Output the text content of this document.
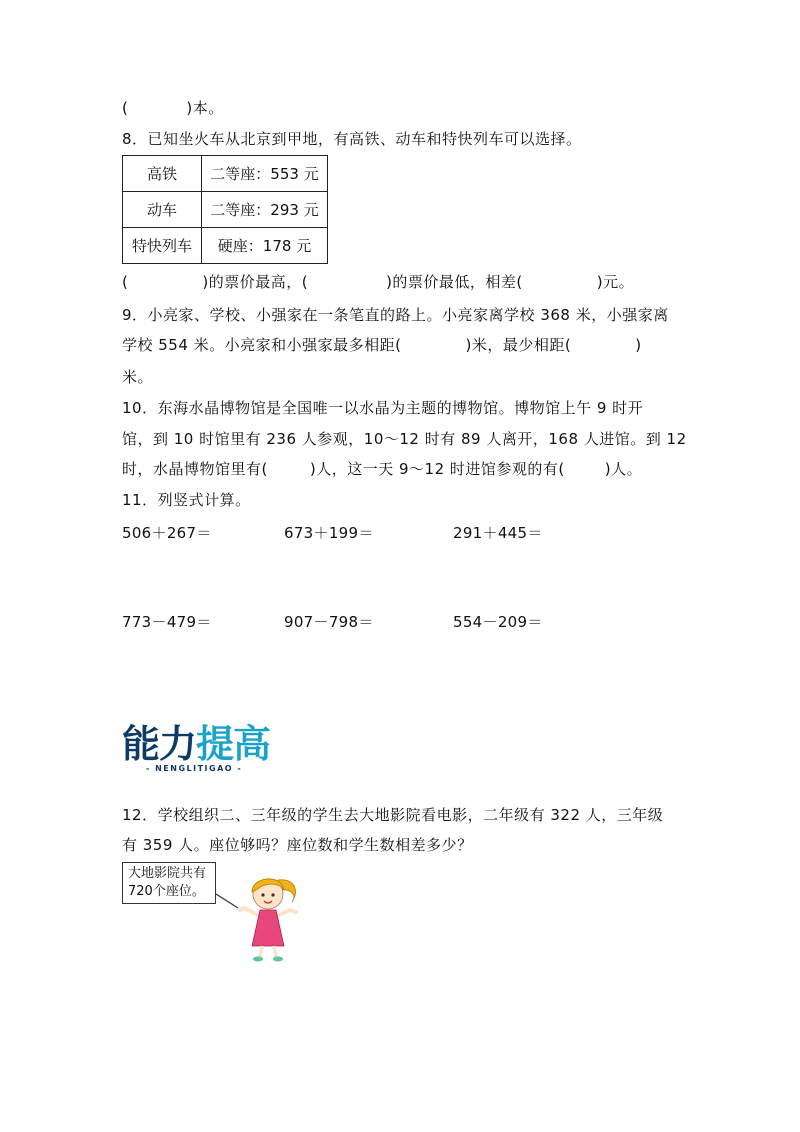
(	)本。
8．已知坐火车从北京到甲地，有高铁、动车和特快列车可以选择。
高铁	二等座：553 元
动车	二等座：293 元
特快列车	硬座：178 元
(	)的票价最高，(	)的票价最低，相差(	)元。
9．小亮家、学校、小强家在一条笔直的路上。小亮家离学校 368 米，小强家离
学校 554 米。小亮家和小强家最多相距(	)米，最少相距(	)
米。
10．东海水晶博物馆是全国唯一以水晶为主题的博物馆。博物馆上午 9 时开
馆，到 10 时馆里有 236 人参观，10～12 时有 89 人离开，168 人进馆。到 12
时，水晶博物馆里有(	)人，这一天 9～12 时进馆参观的有(	)人。
11．列竖式计算。
506＋267＝	673＋199＝	291＋445＝
773－479＝	907－798＝	554－209＝
能力提高
- NENGLITIGAO -
12．学校组织二、三年级的学生去大地影院看电影，二年级有 322 人，三年级
有 359 人。座位够吗？座位数和学生数相差多少？
大地影院共有
720个座位。
